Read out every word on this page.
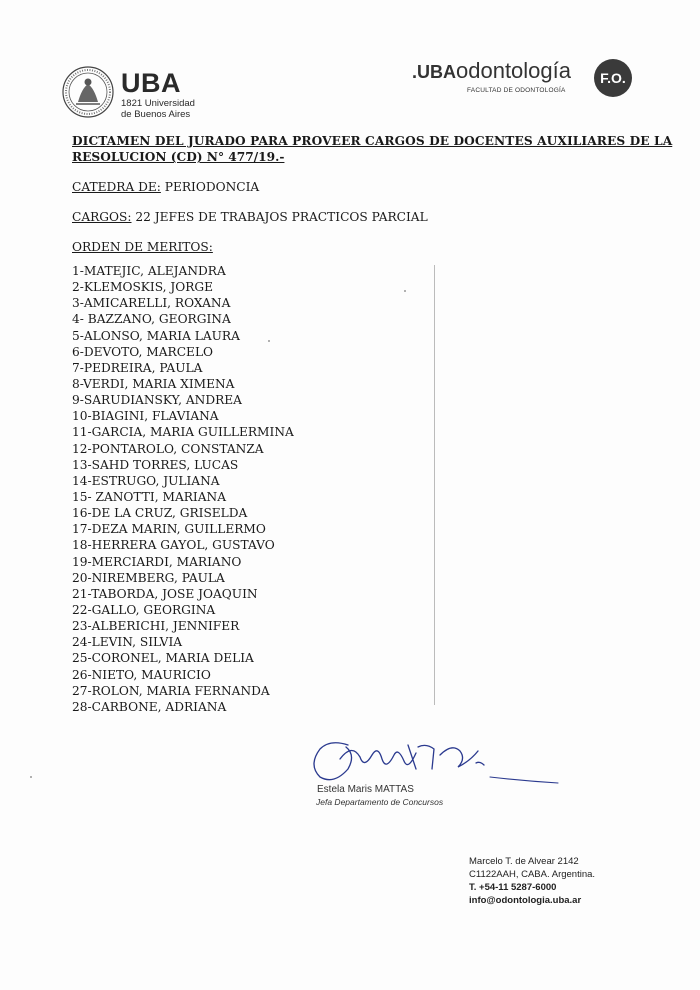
UBA
1821 Universidad
de Buenos Aires
.UBAodontología
FACULTAD DE ODONTOLOGÍA
F.O.
DICTAMEN DEL JURADO PARA PROVEER CARGOS DE DOCENTES AUXILIARES DE LA
RESOLUCION (CD) N° 477/19.-
CATEDRA DE: PERIODONCIA
CARGOS: 22 JEFES DE TRABAJOS PRACTICOS PARCIAL
ORDEN DE MERITOS:
1-MATEJIC, ALEJANDRA
2-KLEMOSKIS, JORGE
3-AMICARELLI, ROXANA
4- BAZZANO, GEORGINA
5-ALONSO, MARIA LAURA
6-DEVOTO, MARCELO
7-PEDREIRA, PAULA
8-VERDI, MARIA XIMENA
9-SARUDIANSKY, ANDREA
10-BIAGINI, FLAVIANA
11-GARCIA, MARIA GUILLERMINA
12-PONTAROLO, CONSTANZA
13-SAHD TORRES, LUCAS
14-ESTRUGO, JULIANA
15- ZANOTTI, MARIANA
16-DE LA CRUZ, GRISELDA
17-DEZA MARIN, GUILLERMO
18-HERRERA GAYOL, GUSTAVO
19-MERCIARDI, MARIANO
20-NIREMBERG, PAULA
21-TABORDA, JOSE JOAQUIN
22-GALLO, GEORGINA
23-ALBERICHI, JENNIFER
24-LEVIN, SILVIA
25-CORONEL, MARIA DELIA
26-NIETO, MAURICIO
27-ROLON, MARIA FERNANDA
28-CARBONE, ADRIANA
Estela Maris MATTAS
Jefa Departamento de Concursos
Marcelo T. de Alvear 2142
C1122AAH, CABA. Argentina.
T. +54-11 5287-6000
info@odontologia.uba.ar
